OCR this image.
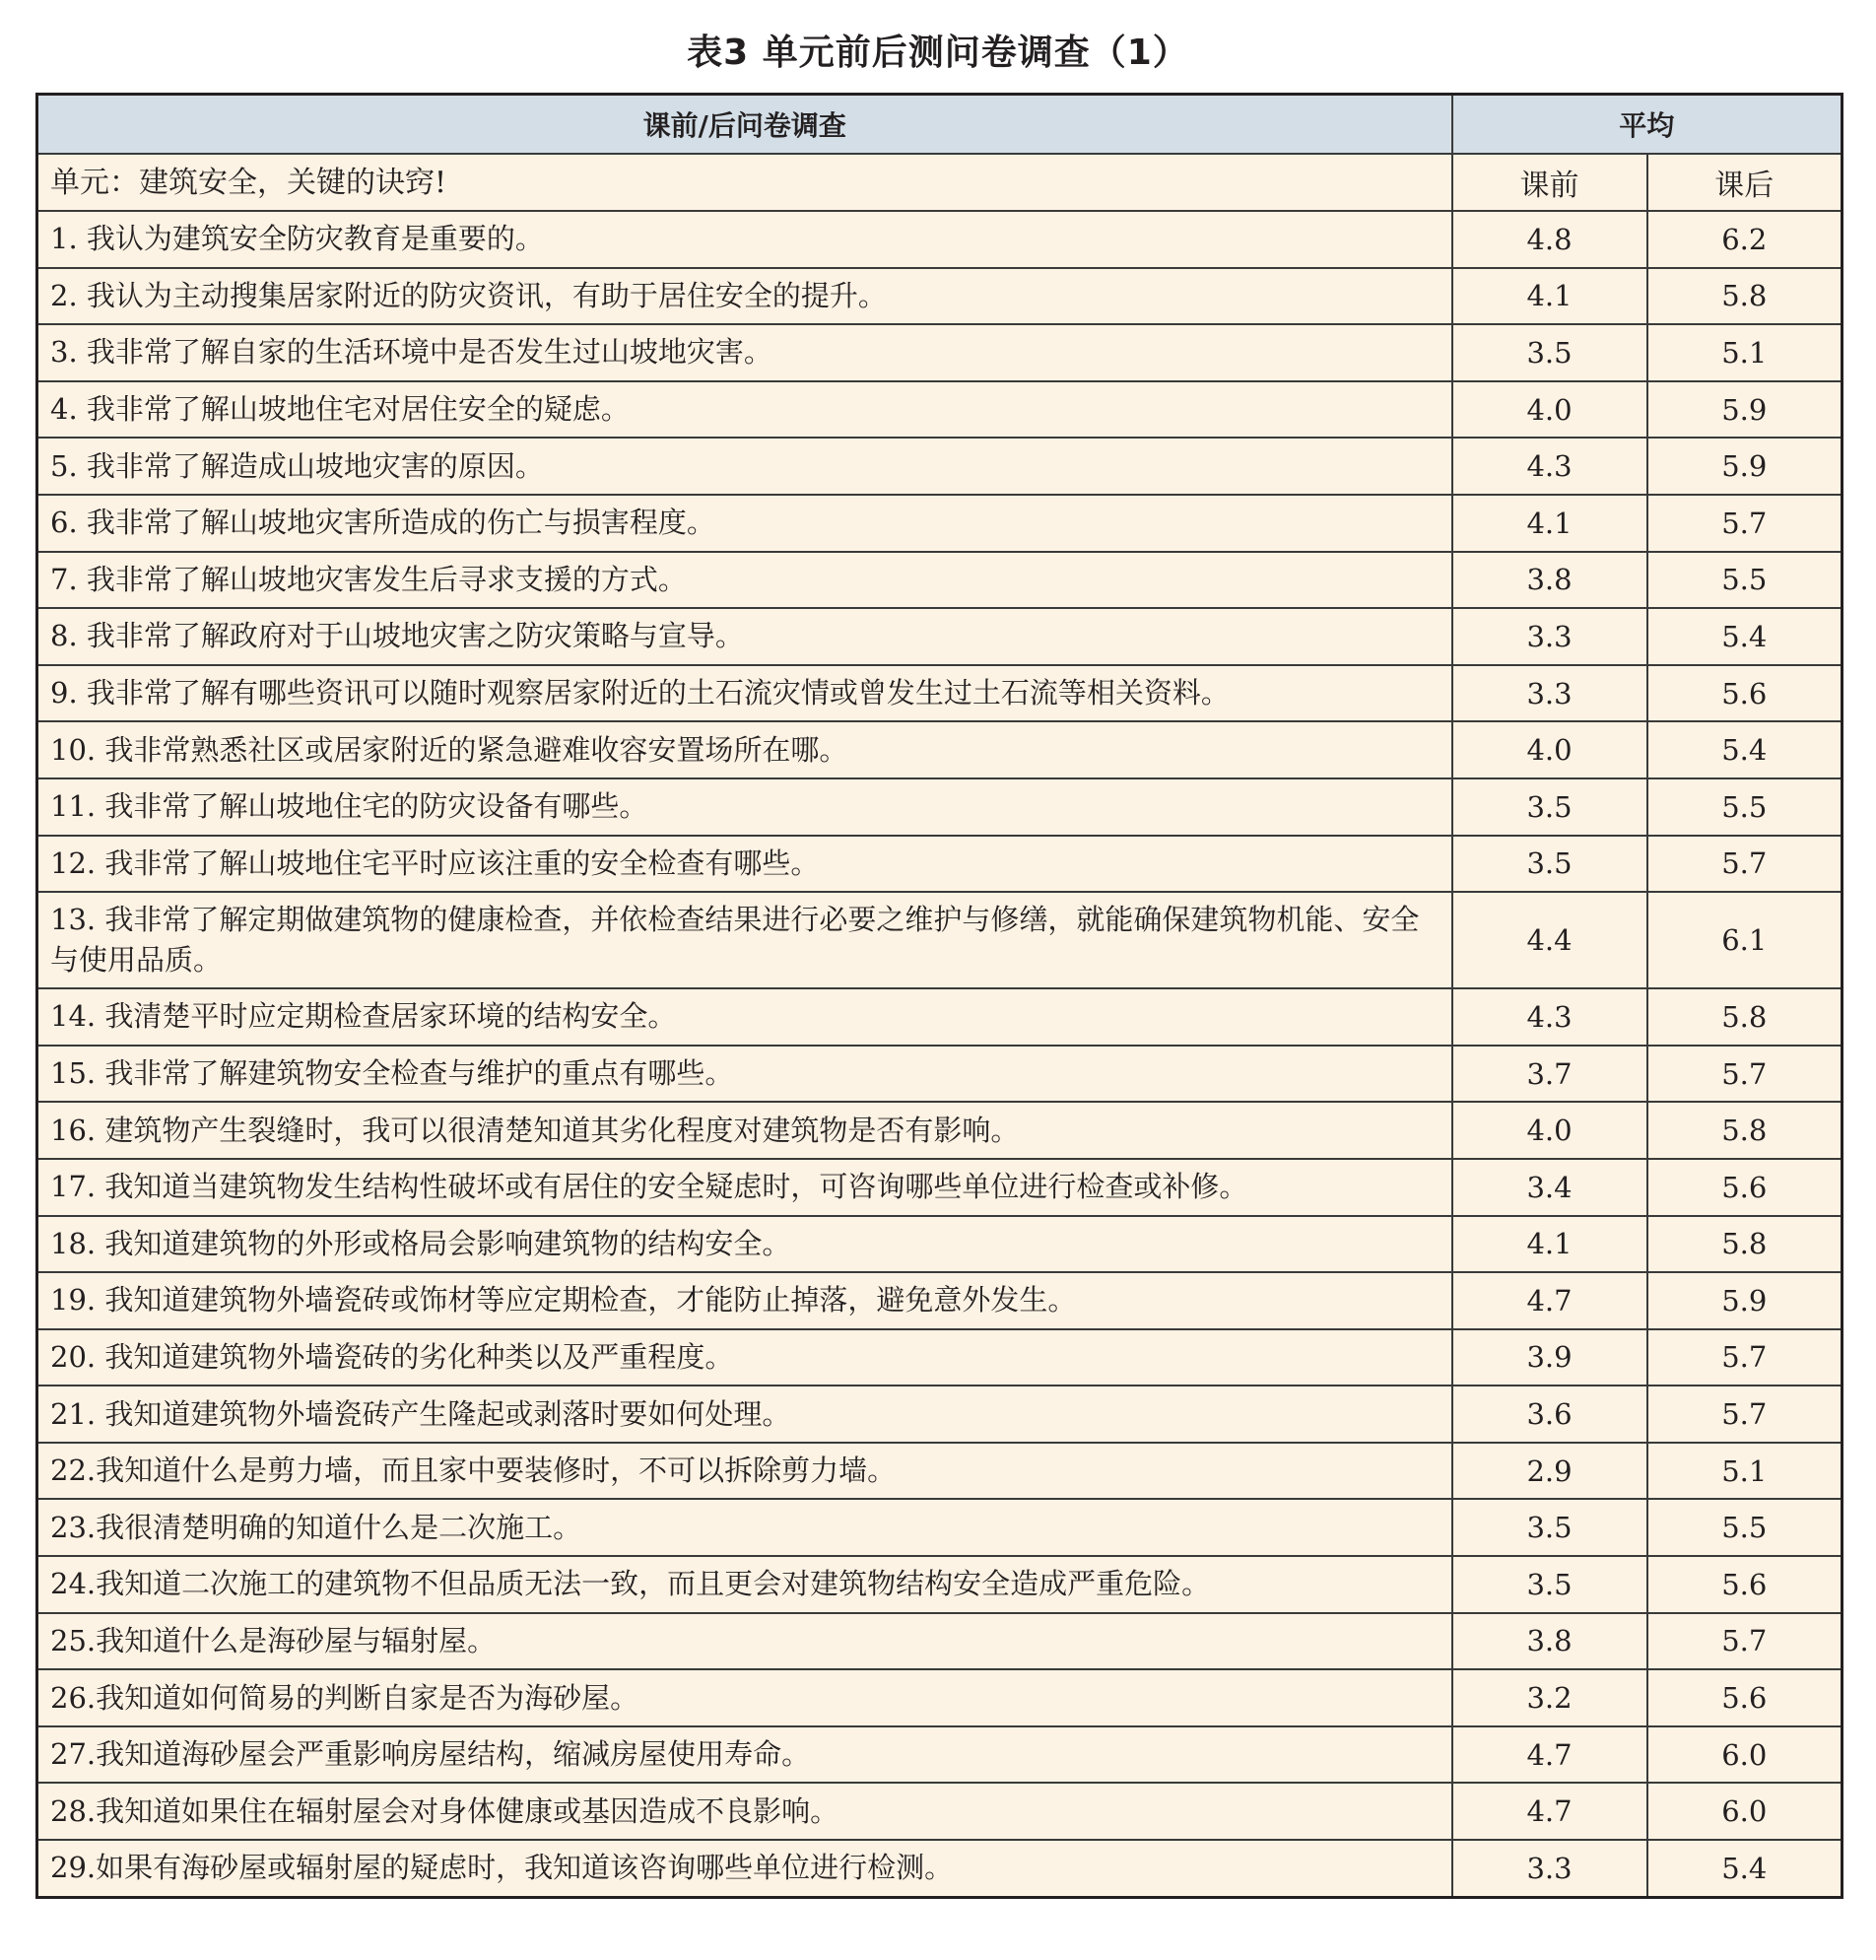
表3 单元前后测问卷调查（1）
课前/后问卷调查	平均	
单元：建筑安全，关键的诀窍!	课前	课后
1. 我认为建筑安全防灾教育是重要的。	4.8	6.2
2. 我认为主动搜集居家附近的防灾资讯，有助于居住安全的提升。	4.1	5.8
3. 我非常了解自家的生活环境中是否发生过山坡地灾害。	3.5	5.1
4. 我非常了解山坡地住宅对居住安全的疑虑。	4.0	5.9
5. 我非常了解造成山坡地灾害的原因。	4.3	5.9
6. 我非常了解山坡地灾害所造成的伤亡与损害程度。	4.1	5.7
7. 我非常了解山坡地灾害发生后寻求支援的方式。	3.8	5.5
8. 我非常了解政府对于山坡地灾害之防灾策略与宣导。	3.3	5.4
9. 我非常了解有哪些资讯可以随时观察居家附近的土石流灾情或曾发生过土石流等相关资料。	3.3	5.6
10. 我非常熟悉社区或居家附近的紧急避难收容安置场所在哪。	4.0	5.4
11. 我非常了解山坡地住宅的防灾设备有哪些。	3.5	5.5
12. 我非常了解山坡地住宅平时应该注重的安全检查有哪些。	3.5	5.7
13. 我非常了解定期做建筑物的健康检查，并依检查结果进行必要之维护与修缮，就能确保建筑物机能、安全与使用品质。	4.4	6.1
14. 我清楚平时应定期检查居家环境的结构安全。	4.3	5.8
15. 我非常了解建筑物安全检查与维护的重点有哪些。	3.7	5.7
16. 建筑物产生裂缝时，我可以很清楚知道其劣化程度对建筑物是否有影响。	4.0	5.8
17. 我知道当建筑物发生结构性破坏或有居住的安全疑虑时，可咨询哪些单位进行检查或补修。	3.4	5.6
18. 我知道建筑物的外形或格局会影响建筑物的结构安全。	4.1	5.8
19. 我知道建筑物外墙瓷砖或饰材等应定期检查，才能防止掉落，避免意外发生。	4.7	5.9
20. 我知道建筑物外墙瓷砖的劣化种类以及严重程度。	3.9	5.7
21. 我知道建筑物外墙瓷砖产生隆起或剥落时要如何处理。	3.6	5.7
22.我知道什么是剪力墙，而且家中要装修时，不可以拆除剪力墙。	2.9	5.1
23.我很清楚明确的知道什么是二次施工。	3.5	5.5
24.我知道二次施工的建筑物不但品质无法一致，而且更会对建筑物结构安全造成严重危险。	3.5	5.6
25.我知道什么是海砂屋与辐射屋。	3.8	5.7
26.我知道如何简易的判断自家是否为海砂屋。	3.2	5.6
27.我知道海砂屋会严重影响房屋结构，缩减房屋使用寿命。	4.7	6.0
28.我知道如果住在辐射屋会对身体健康或基因造成不良影响。	4.7	6.0
29.如果有海砂屋或辐射屋的疑虑时，我知道该咨询哪些单位进行检测。	3.3	5.4
